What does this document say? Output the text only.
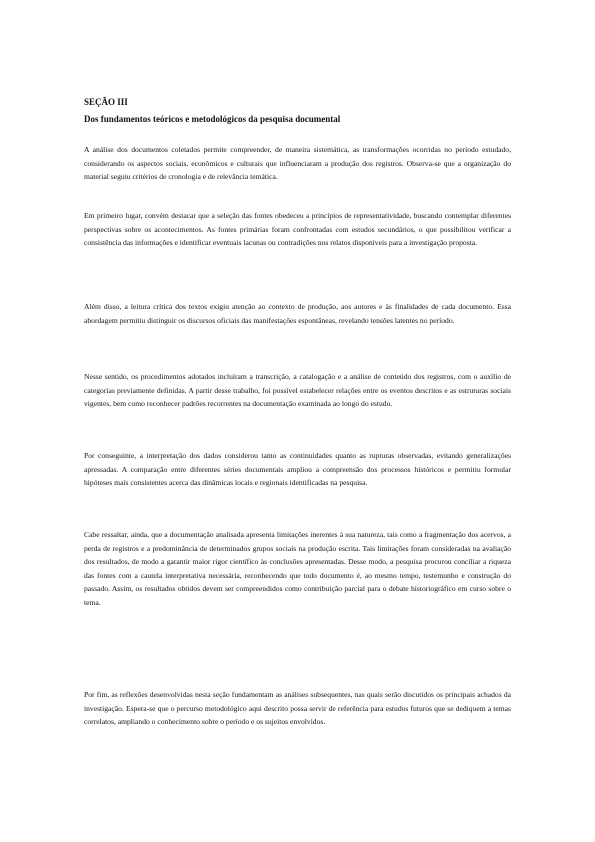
SEÇÃO III

Dos fundamentos teóricos e metodológicos da pesquisa documental

A análise dos documentos coletados permite compreender, de maneira sistemática, as transformações ocorridas no período estudado, considerando os aspectos sociais, econômicos e culturais que influenciaram a produção dos registros. Observa-se que a organização do material seguiu critérios de cronologia e de relevância temática.

Em primeiro lugar, convém destacar que a seleção das fontes obedeceu a princípios de representatividade, buscando contemplar diferentes perspectivas sobre os acontecimentos. As fontes primárias foram confrontadas com estudos secundários, o que possibilitou verificar a consistência das informações e identificar eventuais lacunas ou contradições nos relatos disponíveis para a investigação proposta.

Além disso, a leitura crítica dos textos exigiu atenção ao contexto de produção, aos autores e às finalidades de cada documento. Essa abordagem permitiu distinguir os discursos oficiais das manifestações espontâneas, revelando tensões latentes no período.

Nesse sentido, os procedimentos adotados incluíram a transcrição, a catalogação e a análise de conteúdo dos registros, com o auxílio de categorias previamente definidas. A partir desse trabalho, foi possível estabelecer relações entre os eventos descritos e as estruturas sociais vigentes, bem como reconhecer padrões recorrentes na documentação examinada ao longo do estudo.

Por conseguinte, a interpretação dos dados considerou tanto as continuidades quanto as rupturas observadas, evitando generalizações apressadas. A comparação entre diferentes séries documentais ampliou a compreensão dos processos históricos e permitiu formular hipóteses mais consistentes acerca das dinâmicas locais e regionais identificadas na pesquisa.

Cabe ressaltar, ainda, que a documentação analisada apresenta limitações inerentes à sua natureza, tais como a fragmentação dos acervos, a perda de registros e a predominância de determinados grupos sociais na produção escrita. Tais limitações foram consideradas na avaliação dos resultados, de modo a garantir maior rigor científico às conclusões apresentadas. Desse modo, a pesquisa procurou conciliar a riqueza das fontes com a cautela interpretativa necessária, reconhecendo que todo documento é, ao mesmo tempo, testemunho e construção do passado. Assim, os resultados obtidos devem ser compreendidos como contribuição parcial para o debate historiográfico em curso sobre o tema.

Por fim, as reflexões desenvolvidas nesta seção fundamentam as análises subsequentes, nas quais serão discutidos os principais achados da investigação. Espera-se que o percurso metodológico aqui descrito possa servir de referência para estudos futuros que se dediquem a temas correlatos, ampliando o conhecimento sobre o período e os sujeitos envolvidos.
